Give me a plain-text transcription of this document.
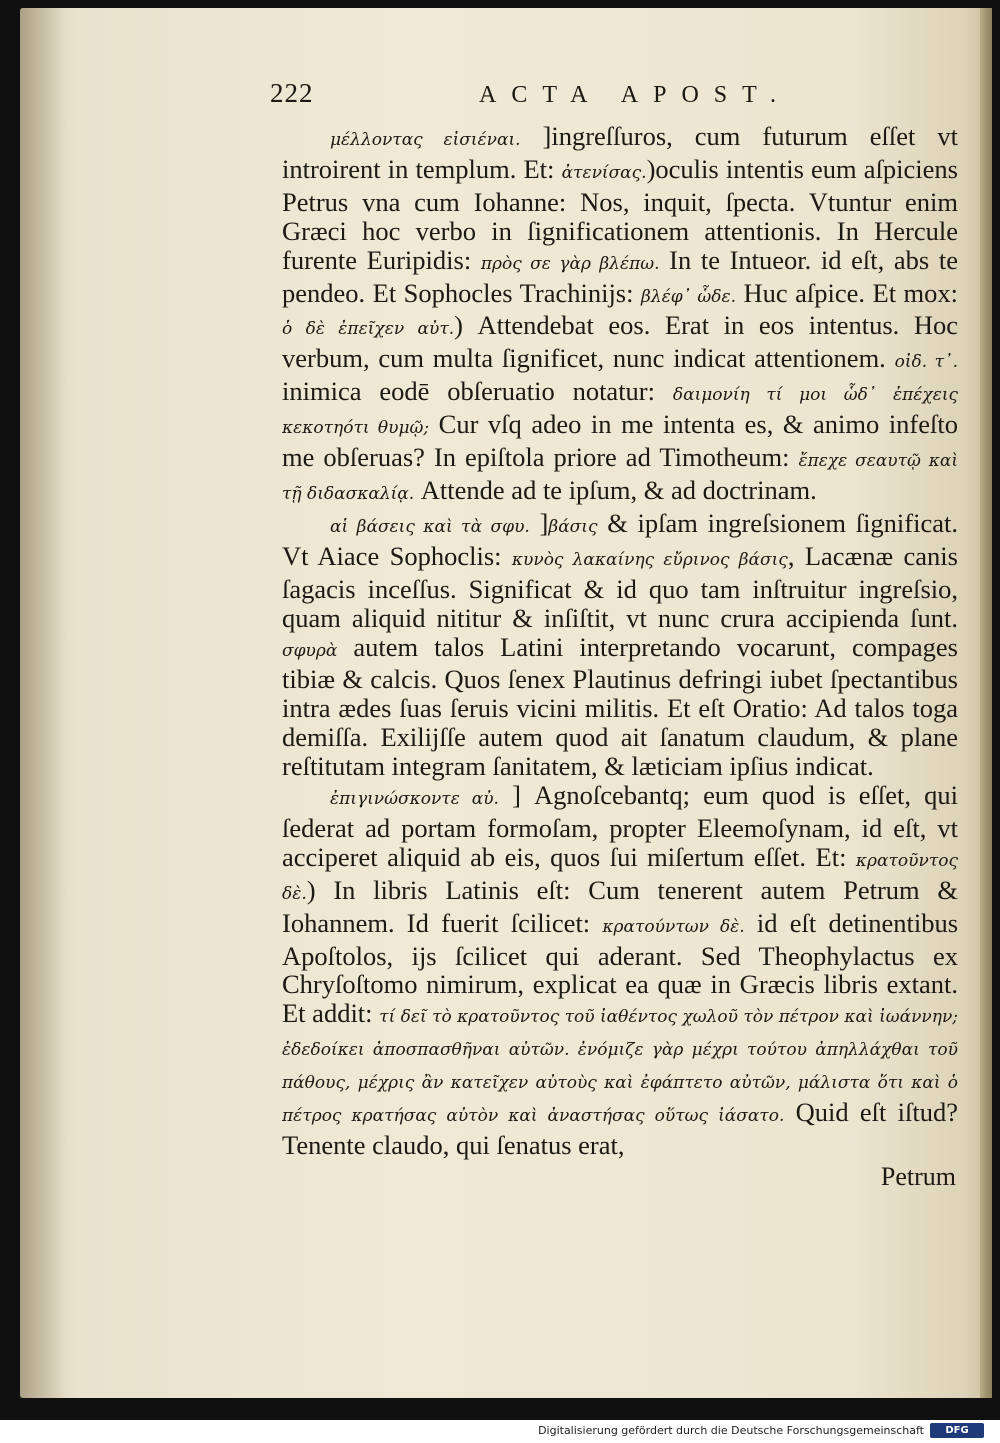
222	ACTA APOST.

μέλλοντας εἰσιέναι. ]ingreſſuros, cum futurum eſſet vt introirent in templum. Et: ἀτενίσας.)oculis intentis eum aſpiciens Petrus vna cum Iohanne: Nos, inquit, ſpecta. Vtuntur enim Græci hoc verbo in ſignificationem attentionis. In Hercule furente Euripidis: πρὸς σε γὰρ βλέπω. In te Intueor. id eſt, abs te pendeo. Et Sophocles Trachinijs: βλέφ᾽ ὧδε. Huc aſpice. Et mox: ὁ δὲ ἐπεῖχεν αὐτ.) Attendebat eos. Erat in eos intentus. Hoc verbum, cum multa ſignificet, nunc indicat attentionem. οἰδ. τ᾽. inimica eodē obſeruatio notatur: δαιμονίη τί μοι ὧδ᾽ ἐπέχεις κεκοτηότι θυμῷ; Cur vſq adeo in me intenta es, & animo infeſto me obſeruas? In epiſtola priore ad Timotheum: ἔπεχε σεαυτῷ καὶ τῇ διδασκαλίᾳ. Attende ad te ipſum, & ad doctrinam.

αἱ βάσεις καὶ τὰ σφυ. ]βάσις & ipſam ingreſsionem ſignificat. Vt Aiace Sophoclis: κυνὸς λακαίνης εὔρινος βάσις, Lacænæ canis ſagacis inceſſus. Significat & id quo tam inſtruitur ingreſsio, quam aliquid nititur & inſiſtit, vt nunc crura accipienda ſunt. σφυρὰ autem talos Latini interpretando vocarunt, compages tibiæ & calcis. Quos ſenex Plautinus defringi iubet ſpectantibus intra ædes ſuas ſeruis vicini militis. Et eſt Oratio: Ad talos toga demiſſa. Exilijſſe autem quod ait ſanatum claudum, & plane reſtitutam integram ſanitatem, & læticiam ipſius indicat.

ἐπιγινώσκοντε αὐ. ] Agnoſcebantq; eum quod is eſſet, qui ſederat ad portam formoſam, propter Eleemoſynam, id eſt, vt acciperet aliquid ab eis, quos ſui miſertum eſſet. Et: κρατοῦντος δὲ.) In libris Latinis eſt: Cum tenerent autem Petrum & Iohannem. Id fuerit ſcilicet: κρατούντων δὲ. id eſt detinentibus Apoſtolos, ijs ſcilicet qui aderant. Sed Theophylactus ex Chryſoſtomo nimirum, explicat ea quæ in Græcis libris extant. Et addit: τί δεῖ τὸ κρατοῦντος τοῦ ἰαθέντος χωλοῦ τὸν πέτρον καὶ ἰωάννην; ἐδεδοίκει ἀποσπασθῆναι αὐτῶν. ἐνόμιζε γὰρ μέχρι τούτου ἀπηλλάχθαι τοῦ πάθους, μέχρις ἂν κατεῖχεν αὐτοὺς καὶ ἐφάπτετο αὐτῶν, μάλιστα ὅτι καὶ ὁ πέτρος κρατήσας αὐτὸν καὶ ἀναστήσας οὕτως ἰάσατο. Quid eſt iſtud? Tenente claudo, qui ſenatus erat,

Petrum
Digitalisierung gefördert durch die Deutsche Forschungsgemeinschaft	DFG
